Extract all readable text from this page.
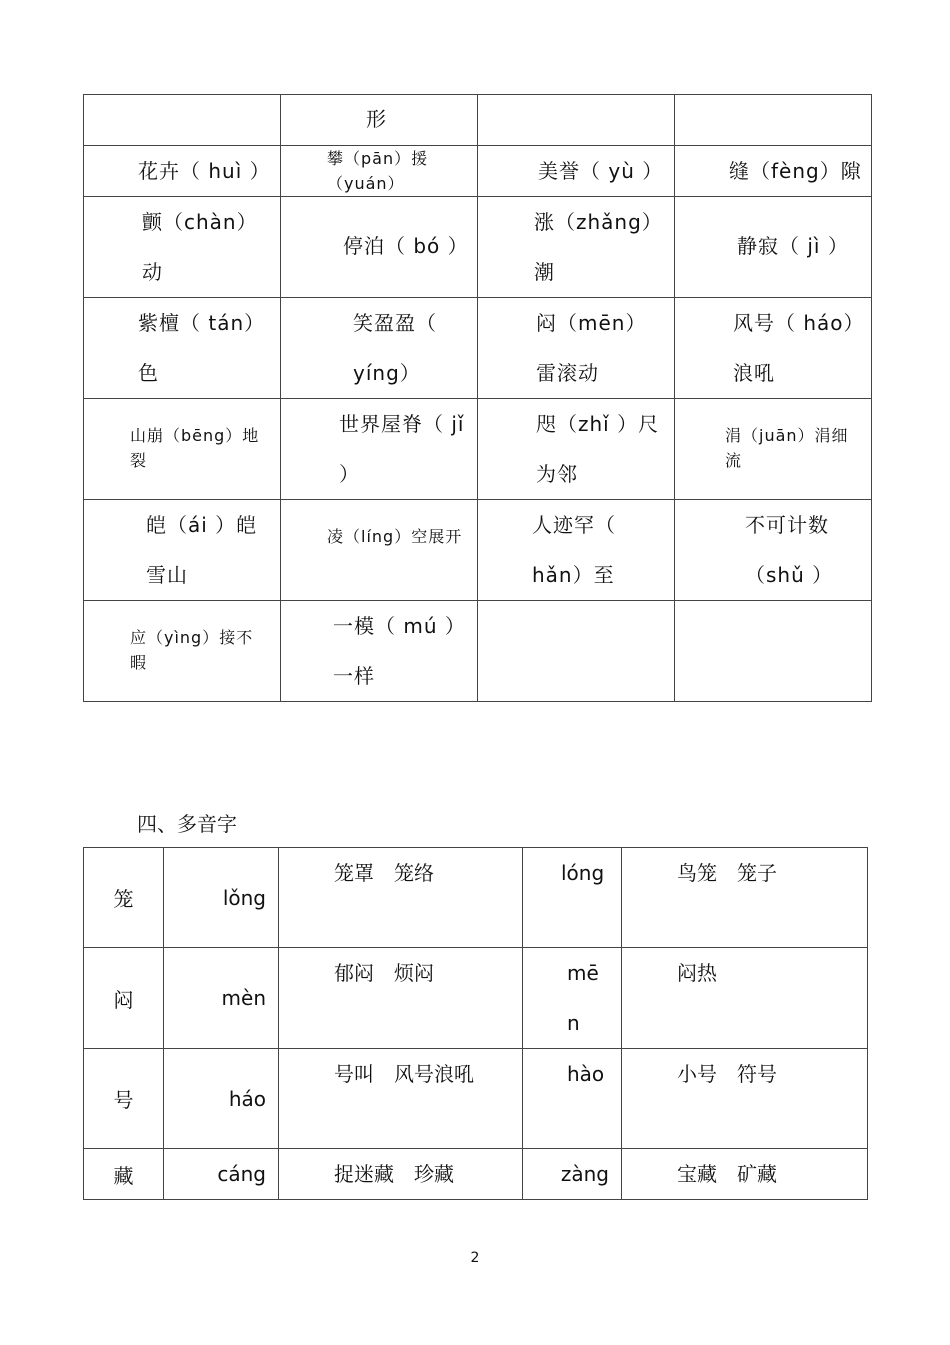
	形		

花卉（ huì ）	攀（pān）援（yuán）	美誉（ yù ）	缝（fèng）隙

颤（chàn）动	停泊（ bó ）	涨（zhǎng）潮	静寂（ jì ）

紫檀（ tán）色	笑盈盈（ yíng）	闷（mēn）雷滚动	风号（ háo）浪吼

山崩（bēng）地裂	世界屋脊（ jǐ ）	咫（zhǐ ）尺为邻	涓（juān）涓细流

皑（ái ）皑雪山	凌（líng）空展开	人迹罕（ hǎn）至	不可计数（shǔ ）

应（yìng）接不暇	一模（ mú ）一样		

四、多音字
笼	lǒng	笼罩　笼络	lóng	鸟笼　笼子

闷	mèn	郁闷　烦闷	mēn	闷热

号	háo	号叫　风号浪吼	hào	小号　符号

藏	cáng	捉迷藏　珍藏	zàng	宝藏　矿藏
2
